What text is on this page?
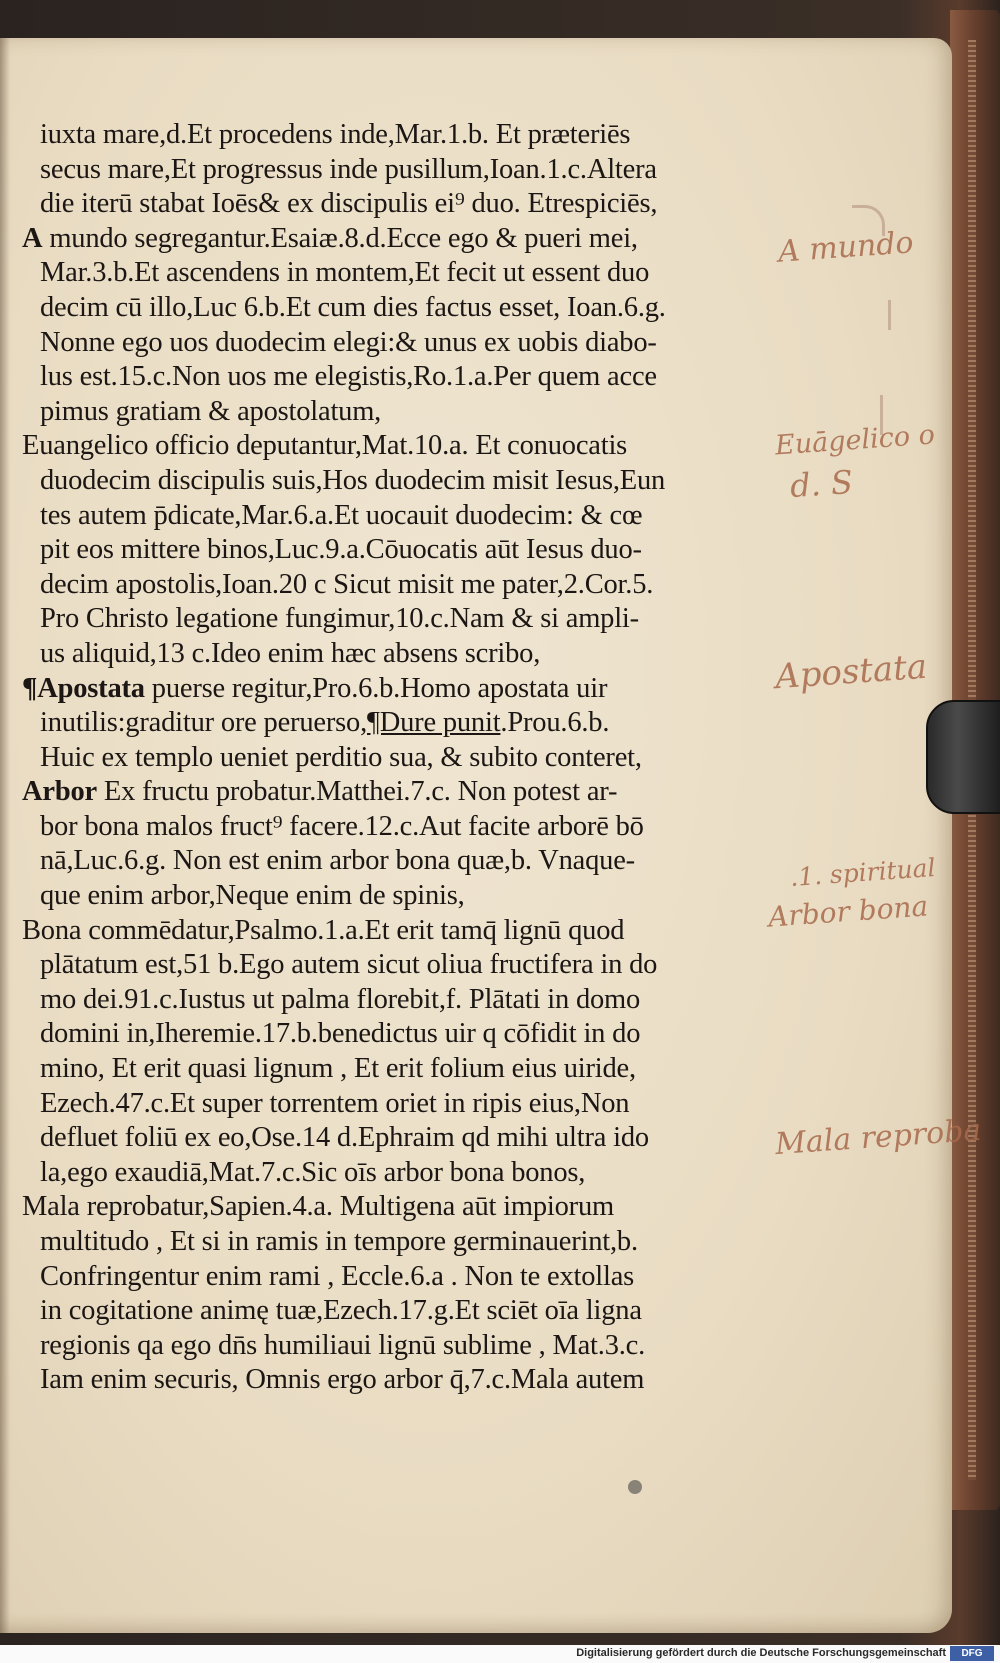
iuxta mare,d.Et procedens inde,Mar.1.b. Et præteriēs
secus mare,Et progressus inde pusillum,Ioan.1.c.Altera
die iterū stabat Ioēs& ex discipulis ei⁹ duo. Etrespiciēs,
A mundo segregantur.Esaiæ.8.d.Ecce ego & pueri mei,
Mar.3.b.Et ascendens in montem,Et fecit ut essent duo
decim cū illo,Luc 6.b.Et cum dies factus esset, Ioan.6.g.
Nonne ego uos duodecim elegi:& unus ex uobis diabo-
lus est.15.c.Non uos me elegistis,Ro.1.a.Per quem acce
pimus gratiam & apostolatum,
Euangelico officio deputantur,Mat.10.a. Et conuocatis
duodecim discipulis suis,Hos duodecim misit Iesus,Eun
tes autem p̄dicate,Mar.6.a.Et uocauit duodecim: & cœ
pit eos mittere binos,Luc.9.a.Cōuocatis aūt Iesus duo-
decim apostolis,Ioan.20 c Sicut misit me pater,2.Cor.5.
Pro Christo legatione fungimur,10.c.Nam & si ampli-
us aliquid,13 c.Ideo enim hæc absens scribo,
¶Apostata puerse regitur,Pro.6.b.Homo apostata uir
inutilis:graditur ore peruerso,¶Dure punit.Prou.6.b.
Huic ex templo ueniet perditio sua, & subito conteret,
Arbor Ex fructu probatur.Matthei.7.c. Non potest ar-
bor bona malos fruct⁹ facere.12.c.Aut facite arborē bō
nā,Luc.6.g. Non est enim arbor bona quæ,b. Vnaque-
que enim arbor,Neque enim de spinis,
Bona commēdatur,Psalmo.1.a.Et erit tamq̄ lignū quod
plātatum est,51 b.Ego autem sicut oliua fructifera in do
mo dei.91.c.Iustus ut palma florebit,f. Plātati in domo
domini in,Iheremie.17.b.benedictus uir q cōfidit in do
mino, Et erit quasi lignum , Et erit folium eius uiride,
Ezech.47.c.Et super torrentem oriet in ripis eius,Non
defluet foliū ex eo,Ose.14 d.Ephraim qd mihi ultra ido
la,ego exaudiā,Mat.7.c.Sic oīs arbor bona bonos,
Mala reprobatur,Sapien.4.a. Multigena aūt impiorum
multitudo , Et si in ramis in tempore germinauerint,b.
Confringentur enim rami , Eccle.6.a . Non te extollas
in cogitatione animę tuæ,Ezech.17.g.Et sciēt oīa ligna
regionis qa ego dn̄s humiliaui lignū sublime , Mat.3.c.
Iam enim securis, Omnis ergo arbor q̄,7.c.Mala autem
A mundo
Euāgelico o
d. S
Apostata
.1. spiritual
Arbor bona
Mala reproba
Digitalisierung gefördert durch die Deutsche Forschungsgemeinschaft	DFG
